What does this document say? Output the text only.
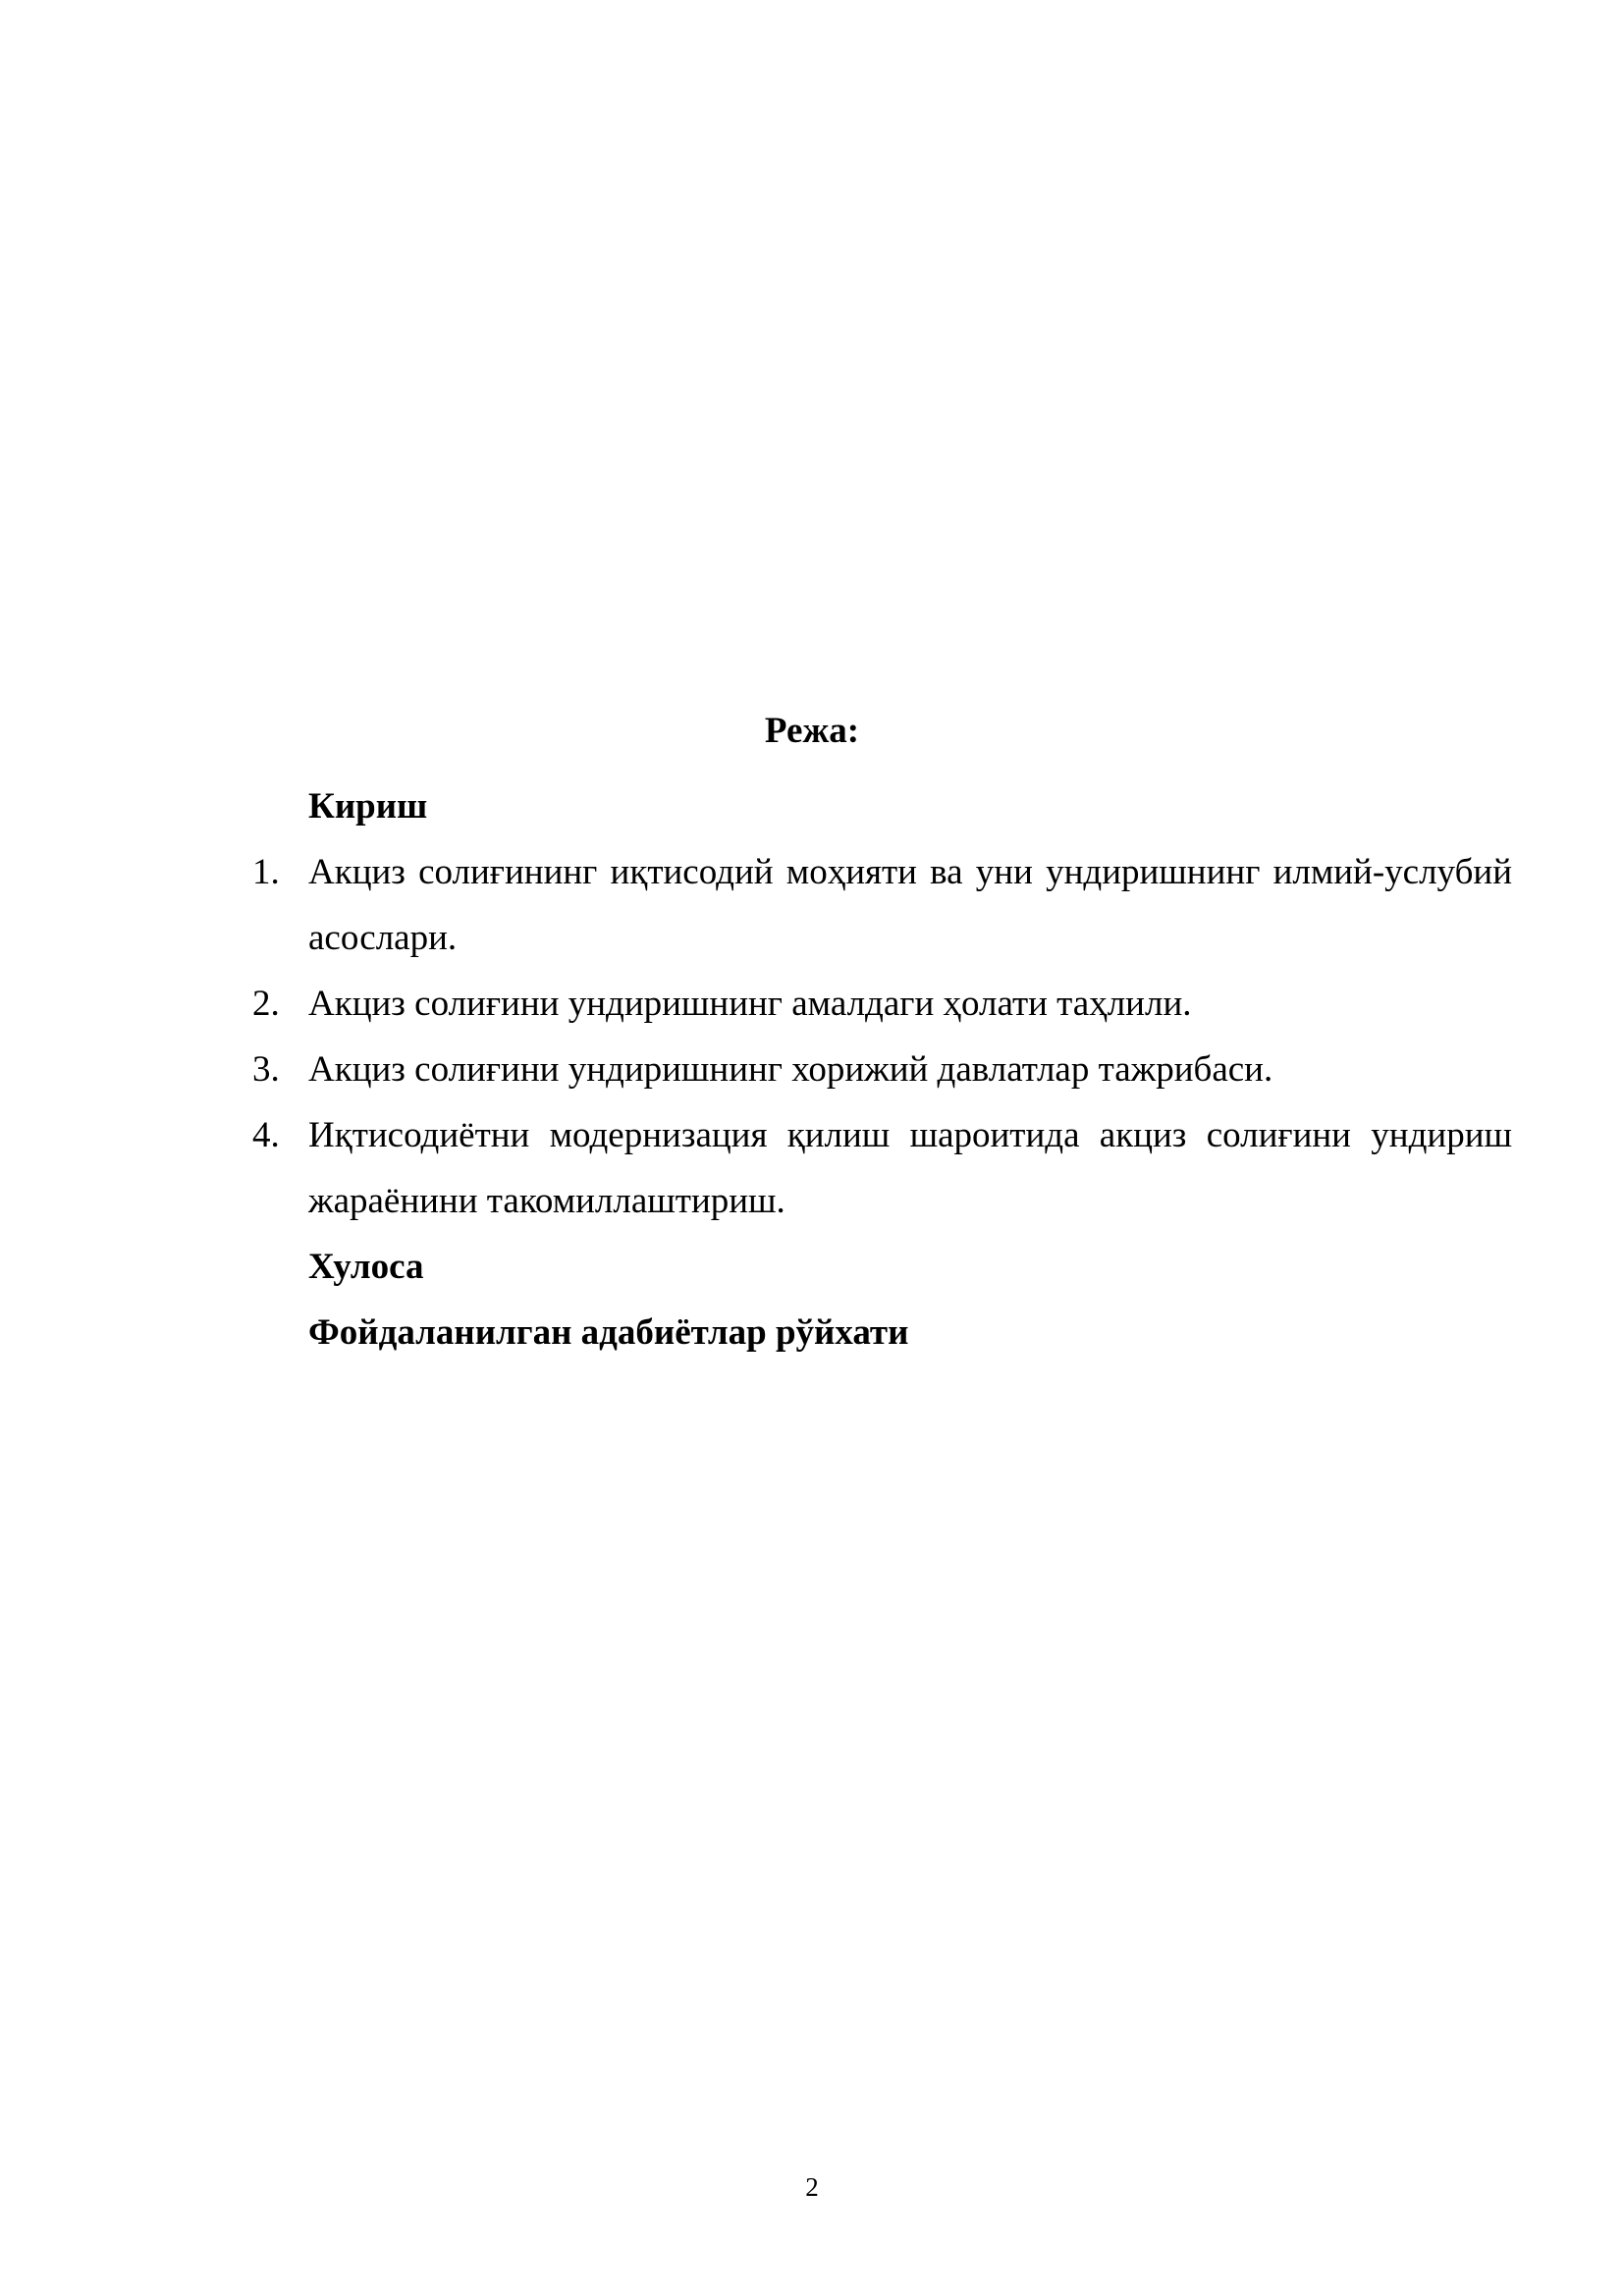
Режа:

Кириш

1. Акциз солиғининг иқтисодий моҳияти ва уни ундиришнинг илмий-услубий асослари.
2. Акциз солиғини ундиришнинг амалдаги ҳолати таҳлили.
3. Акциз солиғини ундиришнинг хорижий давлатлар тажрибаси.
4. Иқтисодиётни модернизация қилиш шароитида акциз солиғини ундириш жараёнини такомиллаштириш.

Хулоса

Фойдаланилган адабиётлар рўйхати

2
